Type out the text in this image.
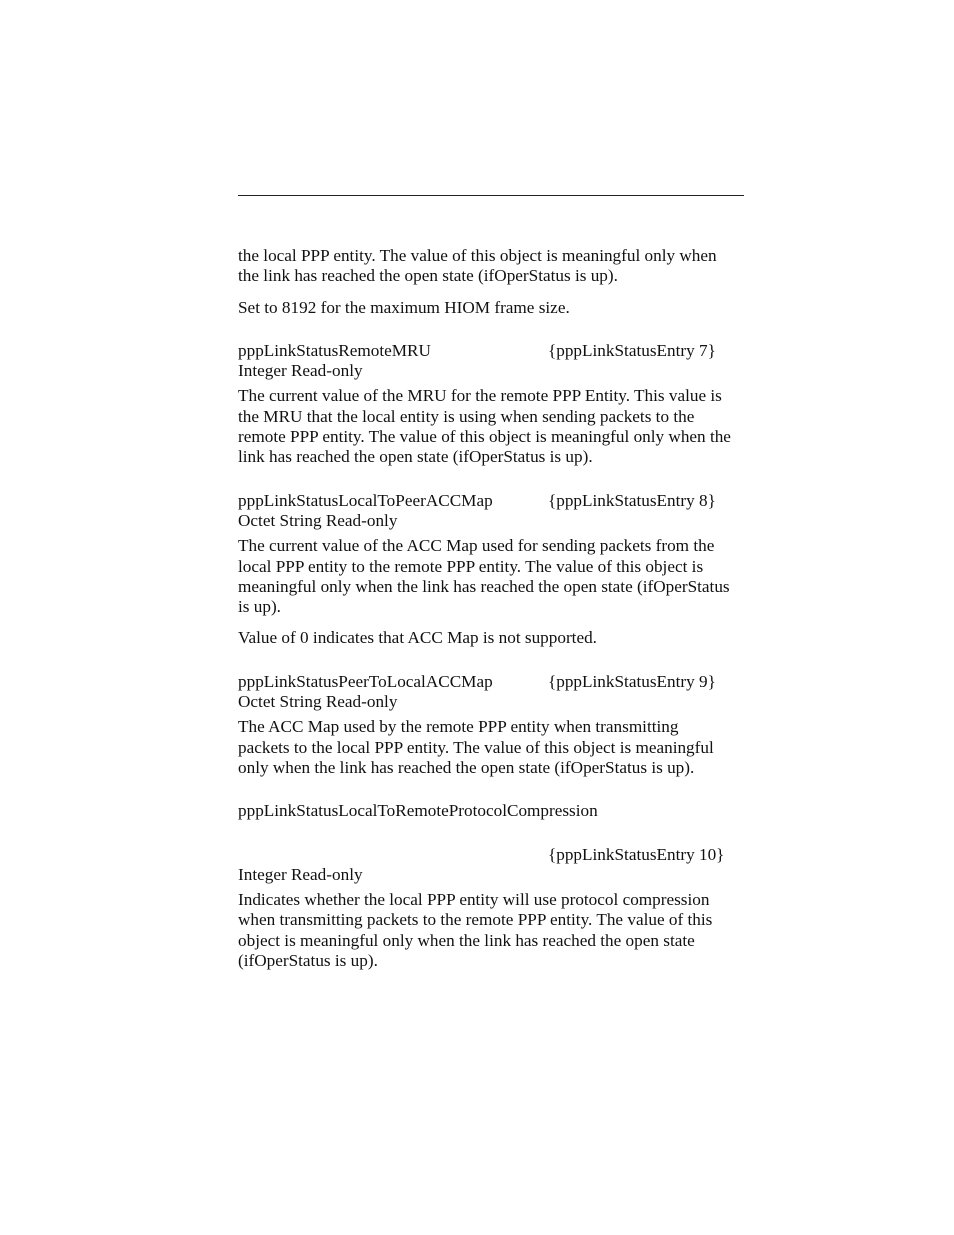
the local PPP entity. The value of this object is meaningful only when the link has reached the open state (ifOperStatus is up).

Set to 8192 for the maximum HIOM frame size.

pppLinkStatusRemoteMRU	{pppLinkStatusEntry 7}
Integer Read-only

The current value of the MRU for the remote PPP Entity. This value is the MRU that the local entity is using when sending packets to the remote PPP entity. The value of this object is meaningful only when the link has reached the open state (ifOperStatus is up).

pppLinkStatusLocalToPeerACCMap	{pppLinkStatusEntry 8}
Octet String Read-only

The current value of the ACC Map used for sending packets from the local PPP entity to the remote PPP entity. The value of this object is meaningful only when the link has reached the open state (ifOperStatus is up).

Value of 0 indicates that ACC Map is not supported.

pppLinkStatusPeerToLocalACCMap	{pppLinkStatusEntry 9}
Octet String Read-only

The ACC Map used by the remote PPP entity when transmitting packets to the local PPP entity. The value of this object is meaningful only when the link has reached the open state (ifOperStatus is up).

pppLinkStatusLocalToRemoteProtocolCompression
{pppLinkStatusEntry 10}
Integer Read-only

Indicates whether the local PPP entity will use protocol compression when transmitting packets to the remote PPP entity. The value of this object is meaningful only when the link has reached the open state (ifOperStatus is up).
